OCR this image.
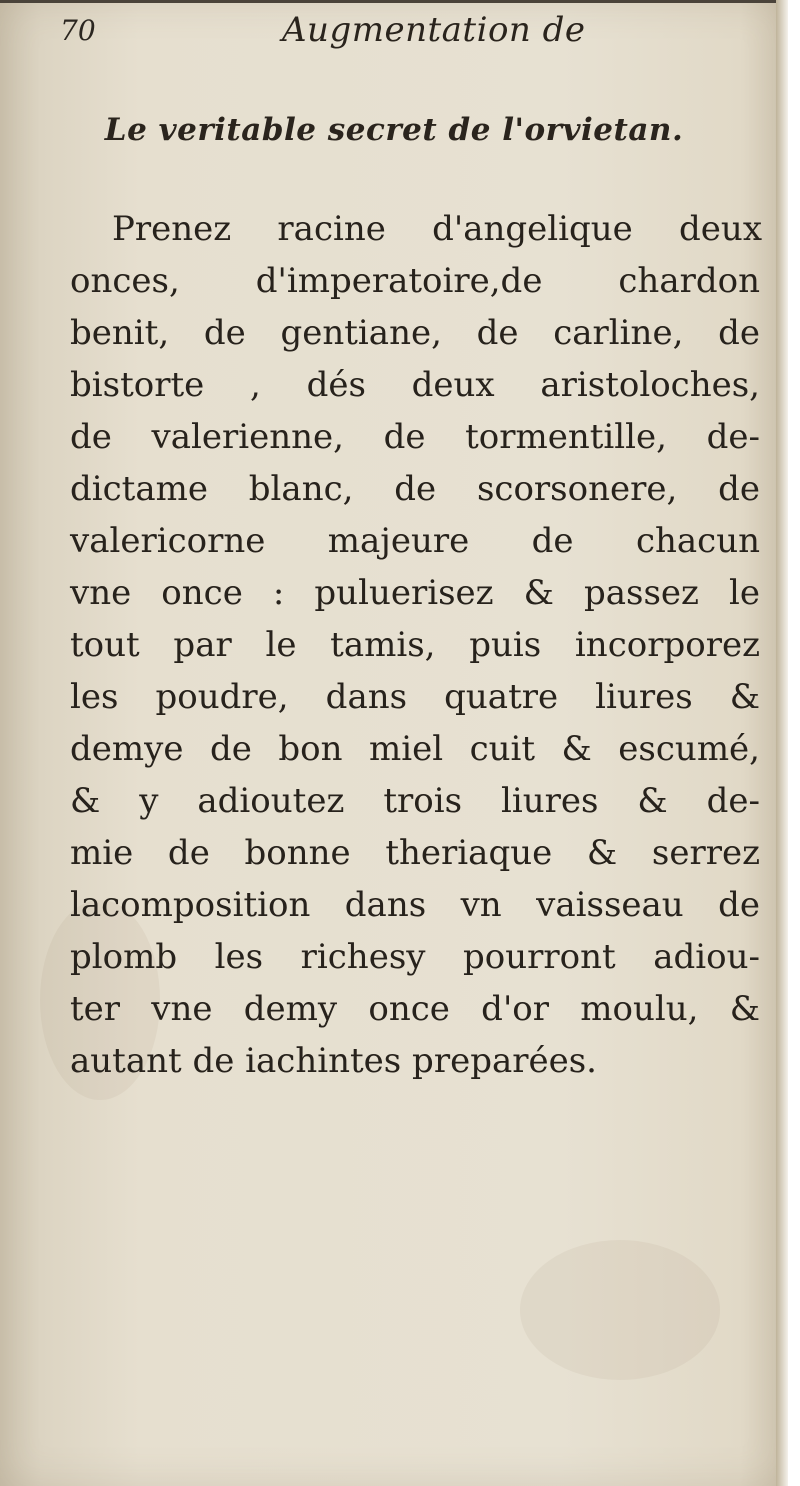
70	Augmentation de
Le veritable secret de l'orvietan.
Prenez racine d'angelique deux
onces, d'imperatoire,de chardon
benit, de gentiane, de carline, de
bistorte , dés deux aristoloches,
de valerienne, de tormentille, de-
dictame blanc, de scorsonere, de
valericorne majeure de chacun
vne once : puluerisez & passez le
tout par le tamis, puis incorporez
les poudre, dans quatre liures &
demye de bon miel cuit & escumé,
& y adioutez trois liures & de-
mie de bonne theriaque & serrez
lacomposition dans vn vaisseau de
plomb les richesy pourront adiou-
ter vne demy once d'or moulu, &
autant de iachintes preparées.
